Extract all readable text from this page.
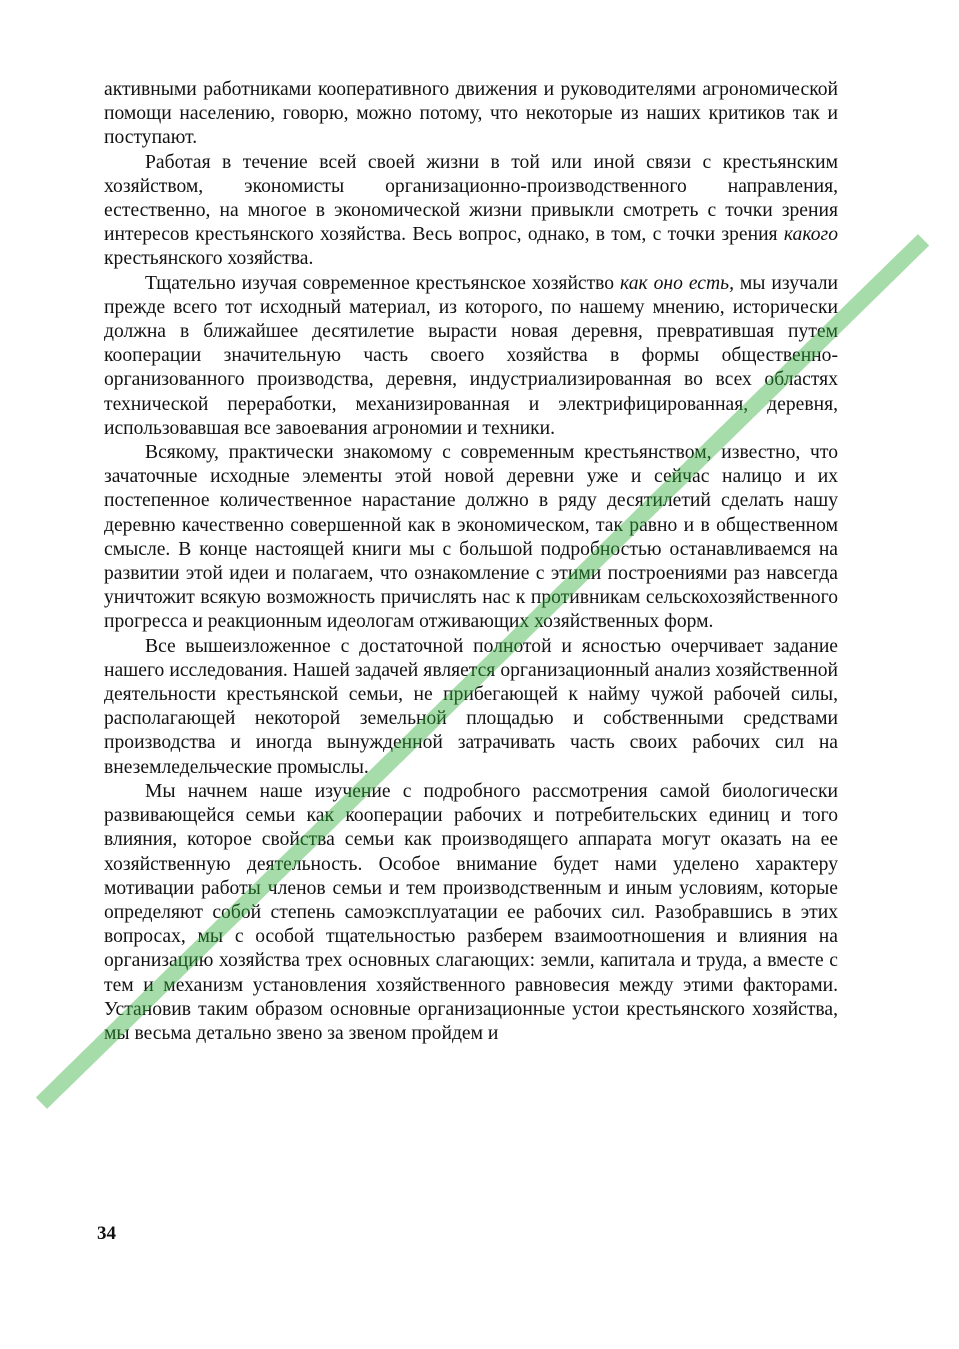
активными работниками кооперативного движения и руководителями агрономической помощи населению, говорю, можно потому, что некоторые из наших критиков так и поступают.

Работая в течение всей своей жизни в той или иной связи с крестьянским хозяйством, экономисты организационно-производственного направления, естественно, на многое в экономической жизни привыкли смотреть с точки зрения интересов крестьянского хозяйства. Весь вопрос, однако, в том, с точки зрения какого крестьянского хозяйства.

Тщательно изучая современное крестьянское хозяйство как оно есть, мы изучали прежде всего тот исходный материал, из которого, по нашему мнению, исторически должна в ближайшее десятилетие вырасти новая деревня, превратившая путем кооперации значительную часть своего хозяйства в формы общественно-организованного производства, деревня, индустриализированная во всех областях технической переработки, механизированная и электрифицированная, деревня, использовавшая все завоевания агрономии и техники.

Всякому, практически знакомому с современным крестьянством, известно, что зачаточные исходные элементы этой новой деревни уже и сейчас налицо и их постепенное количественное нарастание должно в ряду десятилетий сделать нашу деревню качественно совершенной как в экономическом, так равно и в общественном смысле. В конце настоящей книги мы с большой подробностью останавливаемся на развитии этой идеи и полагаем, что ознакомление с этими построениями раз навсегда уничтожит всякую возможность причислять нас к противникам сельскохозяйственного прогресса и реакционным идеологам отживающих хозяйственных форм.

Все вышеизложенное с достаточной полнотой и ясностью очерчивает задание нашего исследования. Нашей задачей является организационный анализ хозяйственной деятельности крестьянской семьи, не прибегающей к найму чужой рабочей силы, располагающей некоторой земельной площадью и собственными средствами производства и иногда вынужденной затрачивать часть своих рабочих сил на внеземледельческие промыслы.

Мы начнем наше изучение с подробного рассмотрения самой биологически развивающейся семьи как кооперации рабочих и потребительских единиц и того влияния, которое свойства семьи как производящего аппарата могут оказать на ее хозяйственную деятельность. Особое внимание будет нами уделено характеру мотивации работы членов семьи и тем производственным и иным условиям, которые определяют собой степень самоэксплуатации ее рабочих сил. Разобравшись в этих вопросах, мы с особой тщательностью разберем взаимоотношения и влияния на организацию хозяйства трех основных слагающих: земли, капитала и труда, а вместе с тем и механизм установления хозяйственного равновесия между этими факторами. Установив таким образом основные организационные устои крестьянского хозяйства, мы весьма детально звено за звеном пройдем и

34
